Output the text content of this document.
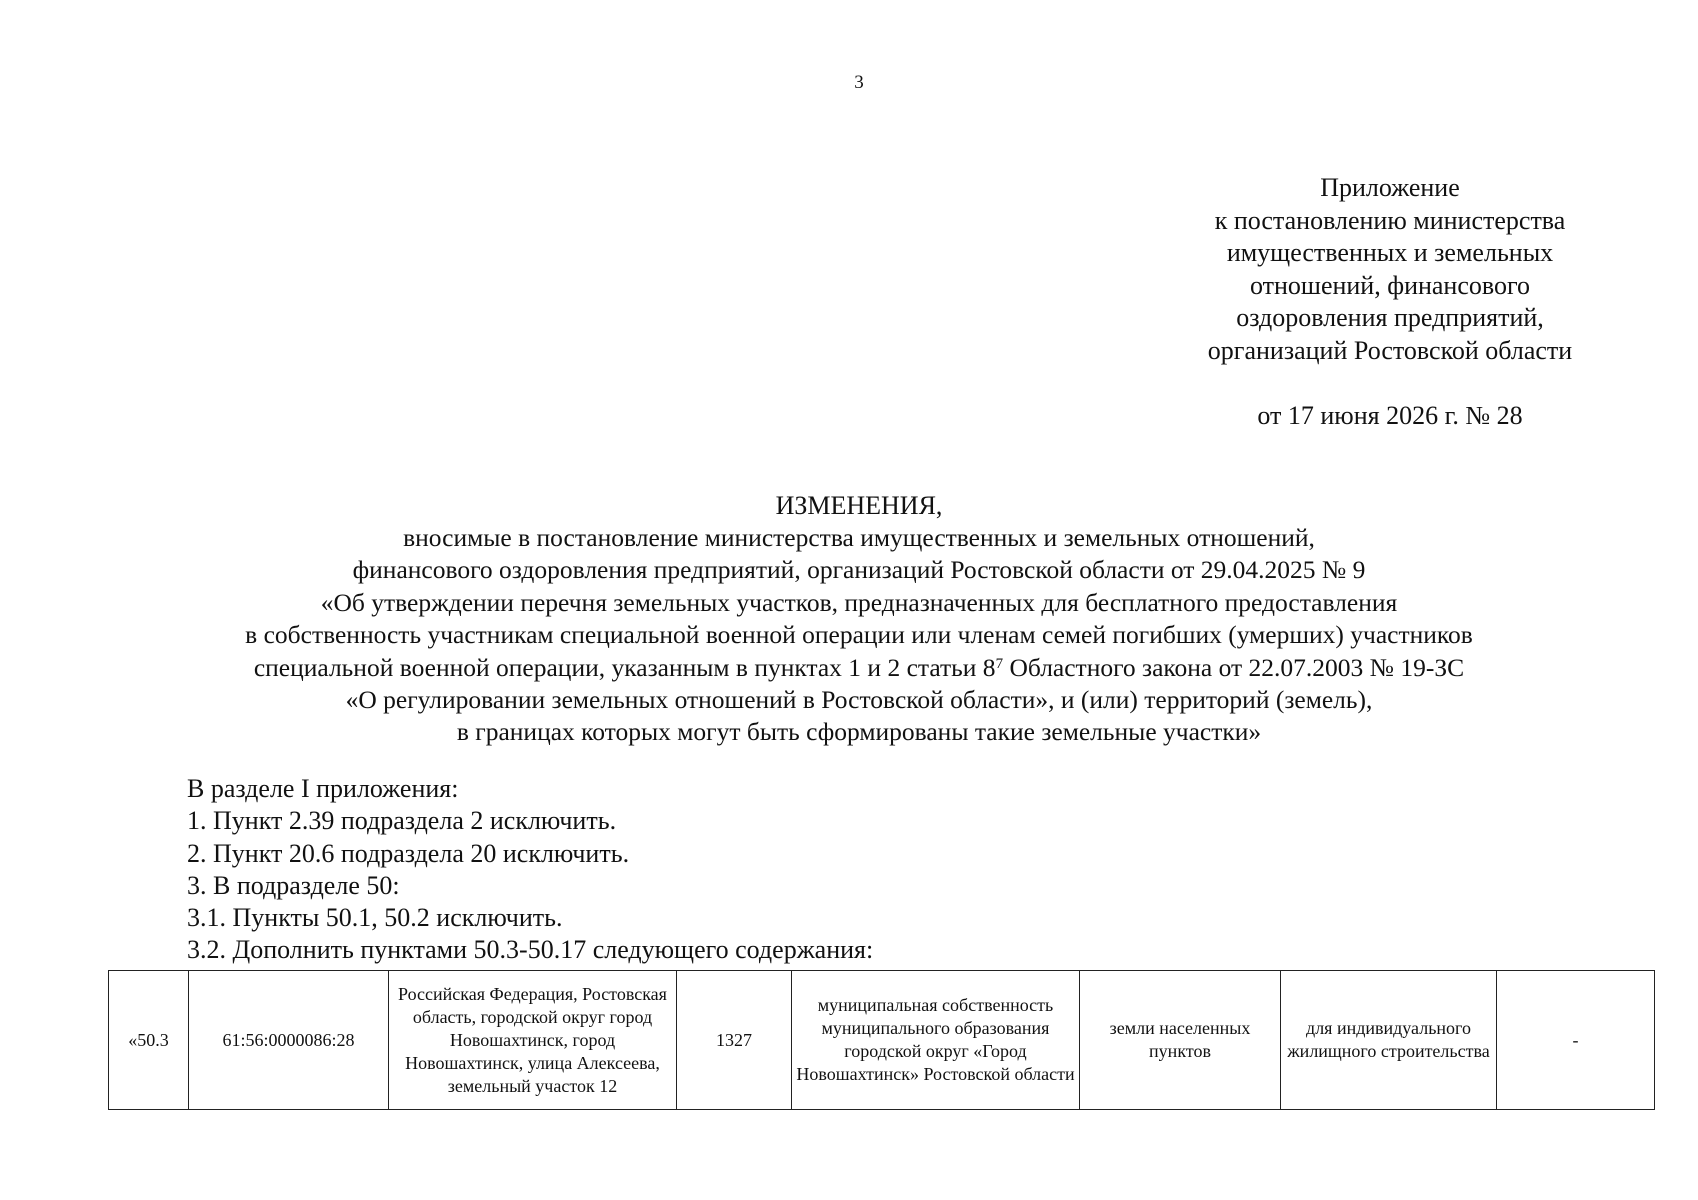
3
Приложение
к постановлению министерства
имущественных и земельных
отношений, финансового
оздоровления предприятий,
организаций Ростовской области
от 17 июня 2026 г. № 28
ИЗМЕНЕНИЯ,
вносимые в постановление министерства имущественных и земельных отношений,
финансового оздоровления предприятий, организаций Ростовской области от 29.04.2025 № 9
«Об утверждении перечня земельных участков, предназначенных для бесплатного предоставления
в собственность участникам специальной военной операции или членам семей погибших (умерших) участников
специальной военной операции, указанным в пунктах 1 и 2 статьи $8^7$ Областного закона от 22.07.2003 № 19-ЗС
«О регулировании земельных отношений в Ростовской области», и (или) территорий (земель),
в границах которых могут быть сформированы такие земельные участки»
В разделе I приложения:
1. Пункт 2.39 подраздела 2 исключить.
2. Пункт 20.6 подраздела 20 исключить.
3. В подразделе 50:
3.1. Пункты 50.1, 50.2 исключить.
3.2. Дополнить пунктами 50.3-50.17 следующего содержания:
«50.3	61:56:0000086:28	Российская Федерация, Ростовская область, городской округ город Новошахтинск, город Новошахтинск, улица Алексеева, земельный участок 12	1327	муниципальная собственность муниципального образования городской округ «Город Новошахтинск» Ростовской области	земли населенных пунктов	для индивидуального жилищного строительства	-
